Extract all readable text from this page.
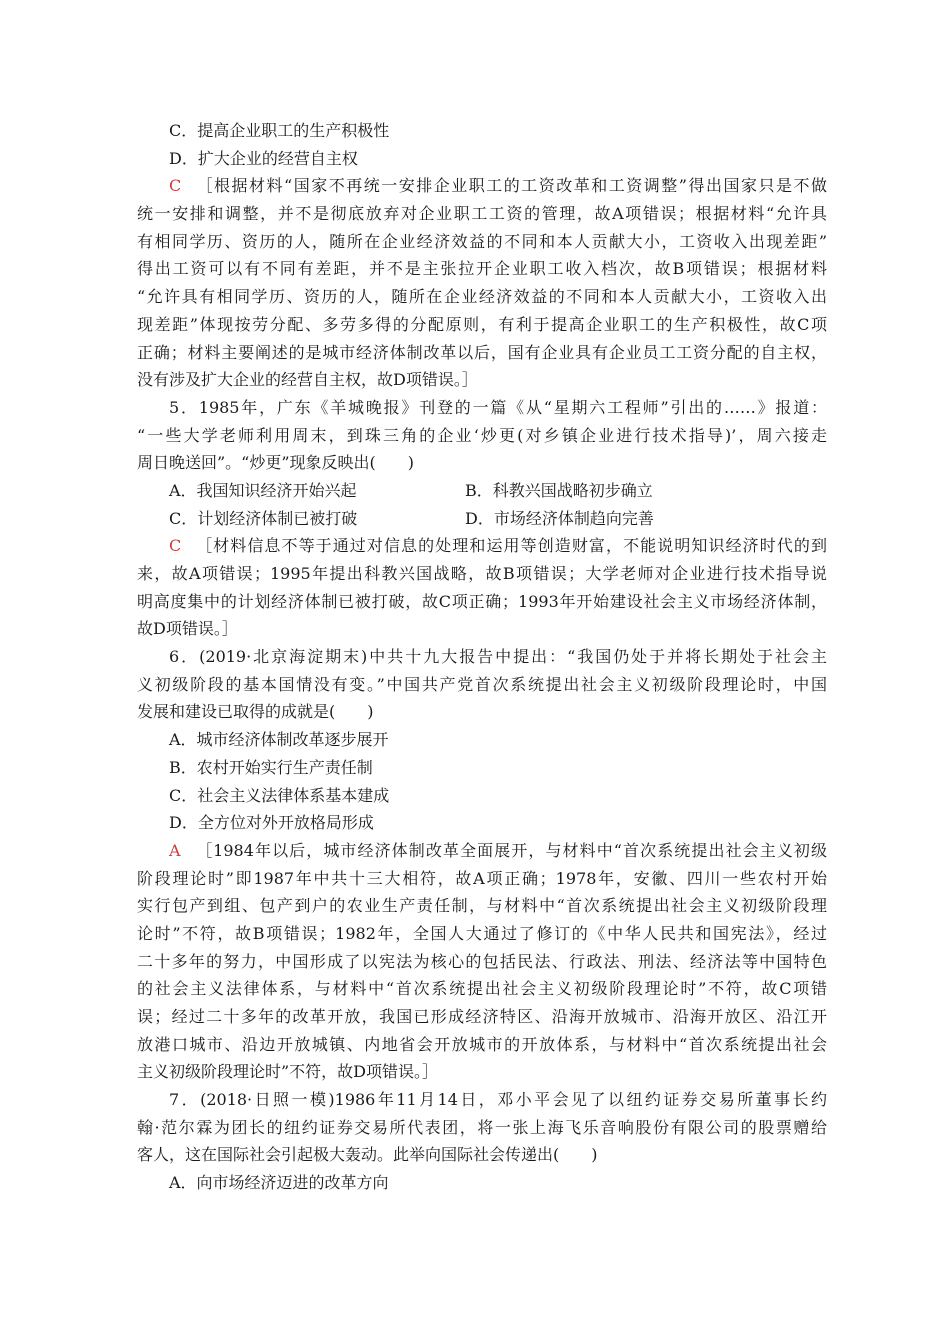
C．提高企业职工的生产积极性
D．扩大企业的经营自主权
C ［根据材料“国家不再统一安排企业职工的工资改革和工资调整”得出国家只是不做
统一安排和调整，并不是彻底放弃对企业职工工资的管理，故A项错误；根据材料“允许具
有相同学历、资历的人，随所在企业经济效益的不同和本人贡献大小，工资收入出现差距”
得出工资可以有不同有差距，并不是主张拉开企业职工收入档次，故B项错误；根据材料
“允许具有相同学历、资历的人，随所在企业经济效益的不同和本人贡献大小，工资收入出
现差距”体现按劳分配、多劳多得的分配原则，有利于提高企业职工的生产积极性，故C项
正确；材料主要阐述的是城市经济体制改革以后，国有企业具有企业员工工资分配的自主权，
没有涉及扩大企业的经营自主权，故D项错误。］
5．1985年，广东《羊城晚报》刊登的一篇《从“星期六工程师”引出的……》报道：
“一些大学老师利用周末，到珠三角的企业‘炒更(对乡镇企业进行技术指导)’，周六接走
周日晚送回”。“炒更”现象反映出(　　)
A．我国知识经济开始兴起	B．科教兴国战略初步确立
C．计划经济体制已被打破	D．市场经济体制趋向完善
C ［材料信息不等于通过对信息的处理和运用等创造财富，不能说明知识经济时代的到
来，故A项错误；1995年提出科教兴国战略，故B项错误；大学老师对企业进行技术指导说
明高度集中的计划经济体制已被打破，故C项正确；1993年开始建设社会主义市场经济体制，
故D项错误。］
6．(2019·北京海淀期末)中共十九大报告中提出：“我国仍处于并将长期处于社会主
义初级阶段的基本国情没有变。”中国共产党首次系统提出社会主义初级阶段理论时，中国
发展和建设已取得的成就是(　　)
A．城市经济体制改革逐步展开
B．农村开始实行生产责任制
C．社会主义法律体系基本建成
D．全方位对外开放格局形成
A ［1984年以后，城市经济体制改革全面展开，与材料中“首次系统提出社会主义初级
阶段理论时”即1987年中共十三大相符，故A项正确；1978年，安徽、四川一些农村开始
实行包产到组、包产到户的农业生产责任制，与材料中“首次系统提出社会主义初级阶段理
论时”不符，故B项错误；1982年，全国人大通过了修订的《中华人民共和国宪法》，经过
二十多年的努力，中国形成了以宪法为核心的包括民法、行政法、刑法、经济法等中国特色
的社会主义法律体系，与材料中“首次系统提出社会主义初级阶段理论时”不符，故C项错
误；经过二十多年的改革开放，我国已形成经济特区、沿海开放城市、沿海开放区、沿江开
放港口城市、沿边开放城镇、内地省会开放城市的开放体系，与材料中“首次系统提出社会
主义初级阶段理论时”不符，故D项错误。］
7．(2018·日照一模)1986年11月14日，邓小平会见了以纽约证券交易所董事长约
翰·范尔霖为团长的纽约证券交易所代表团，将一张上海飞乐音响股份有限公司的股票赠给
客人，这在国际社会引起极大轰动。此举向国际社会传递出(　　)
A．向市场经济迈进的改革方向
